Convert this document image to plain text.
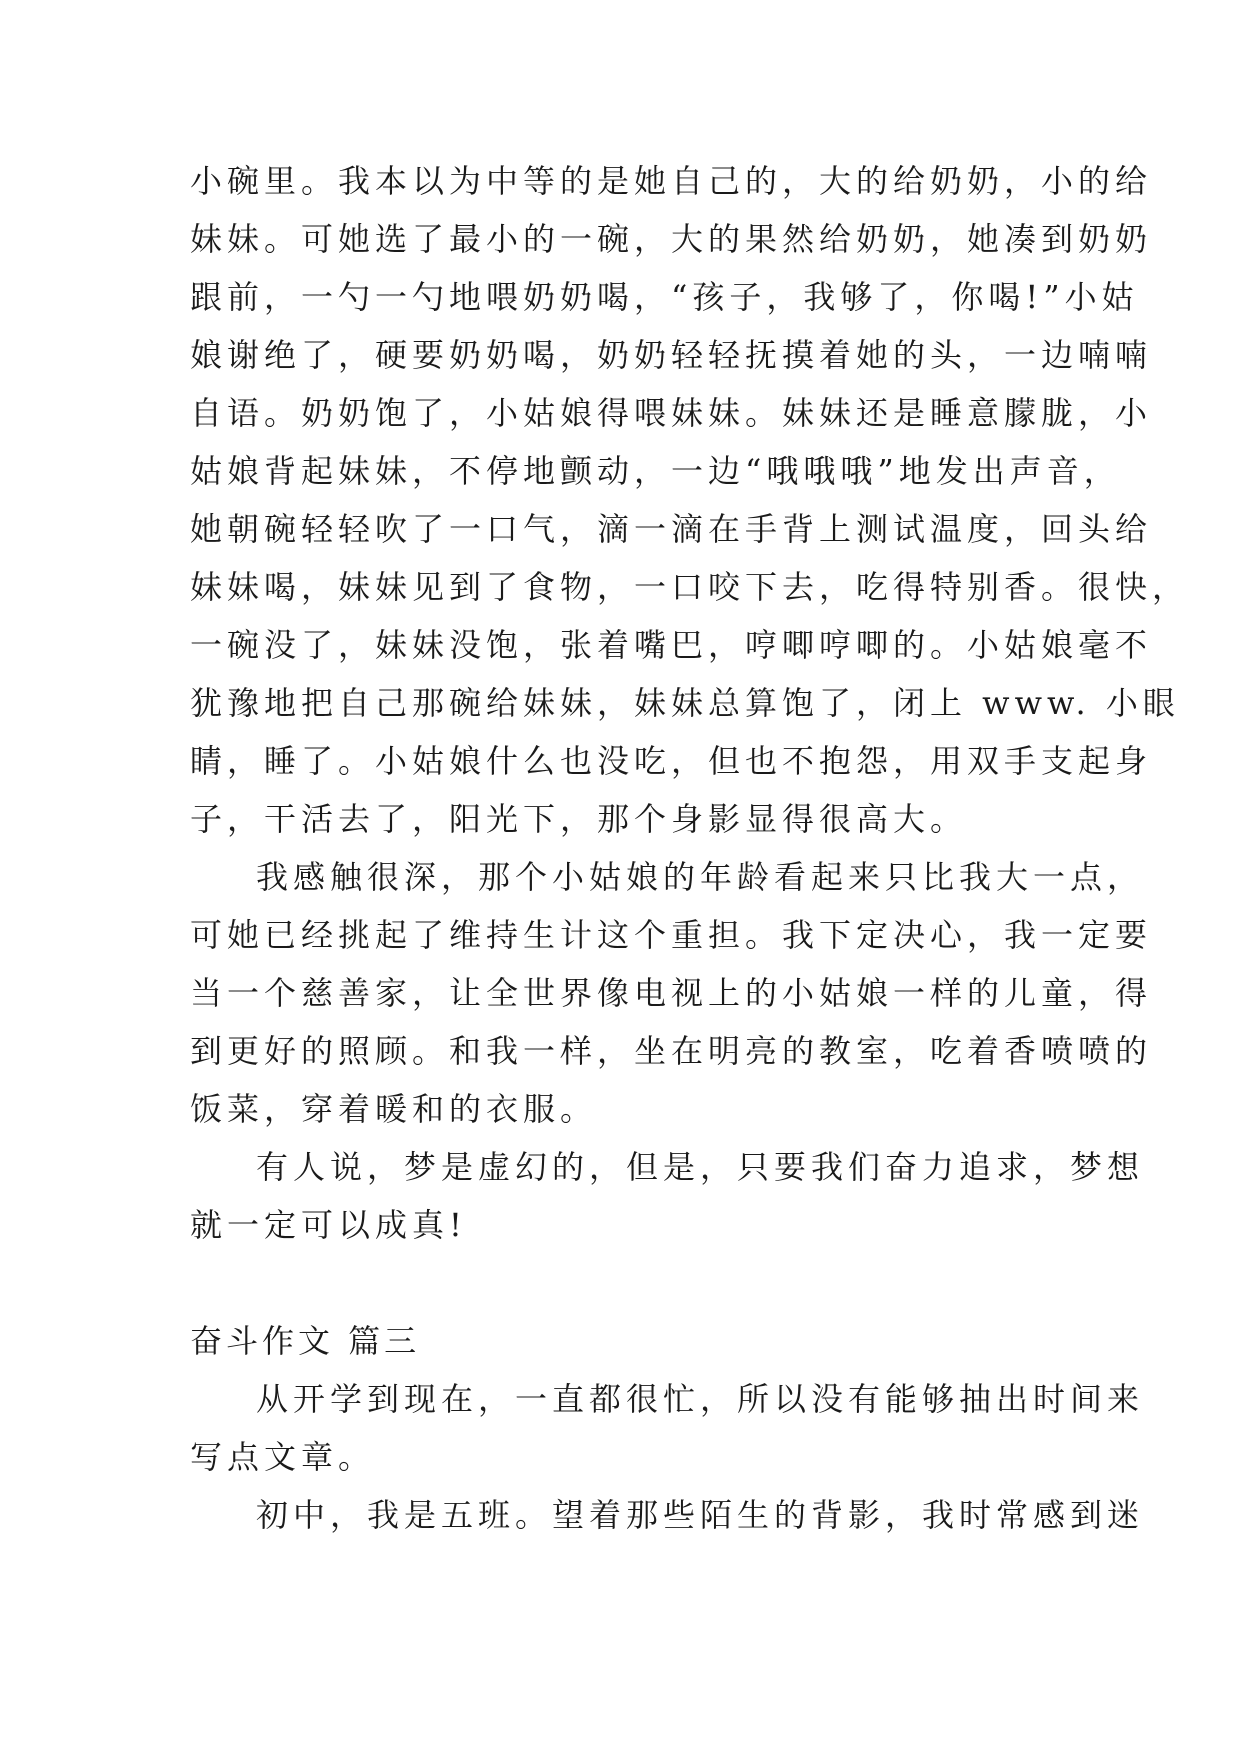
小碗里。我本以为中等的是她自己的，大的给奶奶，小的给
妹妹。可她选了最小的一碗，大的果然给奶奶，她凑到奶奶
跟前，一勺一勺地喂奶奶喝，“孩子，我够了，你喝!”小姑
娘谢绝了，硬要奶奶喝，奶奶轻轻抚摸着她的头，一边喃喃
自语。奶奶饱了，小姑娘得喂妹妹。妹妹还是睡意朦胧，小
姑娘背起妹妹，不停地颤动，一边“哦哦哦”地发出声音，
她朝碗轻轻吹了一口气，滴一滴在手背上测试温度，回头给
妹妹喝，妹妹见到了食物，一口咬下去，吃得特别香。很快，
一碗没了，妹妹没饱，张着嘴巴，哼唧哼唧的。小姑娘毫不
犹豫地把自己那碗给妹妹，妹妹总算饱了，闭上 www. 小眼
睛，睡了。小姑娘什么也没吃，但也不抱怨，用双手支起身
子，干活去了，阳光下，那个身影显得很高大。
我感触很深，那个小姑娘的年龄看起来只比我大一点，
可她已经挑起了维持生计这个重担。我下定决心，我一定要
当一个慈善家，让全世界像电视上的小姑娘一样的儿童，得
到更好的照顾。和我一样，坐在明亮的教室，吃着香喷喷的
饭菜，穿着暖和的衣服。
有人说，梦是虚幻的，但是，只要我们奋力追求，梦想
就一定可以成真!
奋斗作文 篇三
从开学到现在，一直都很忙，所以没有能够抽出时间来
写点文章。
初中，我是五班。望着那些陌生的背影，我时常感到迷
